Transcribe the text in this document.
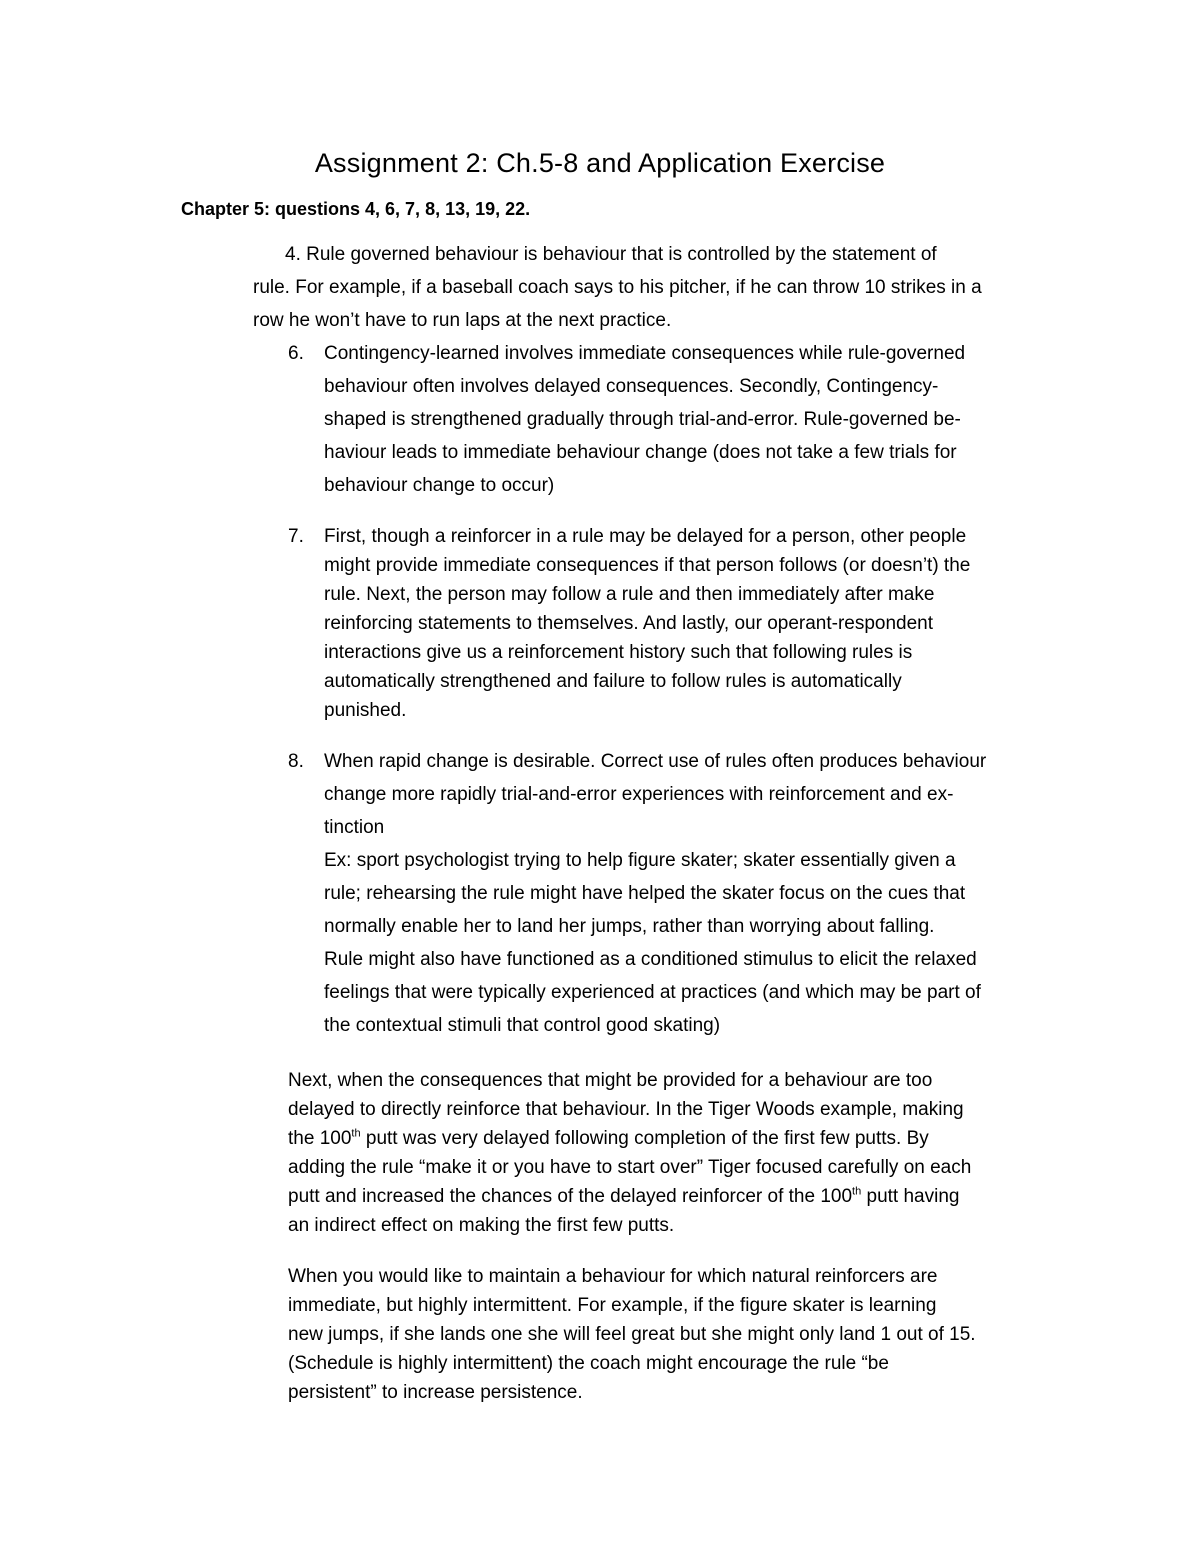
Assignment 2: Ch.5-8 and Application Exercise
Chapter 5: questions 4, 6, 7, 8, 13, 19, 22.
4. Rule governed behaviour is behaviour that is controlled by the statement of
rule. For example, if a baseball coach says to his pitcher, if he can throw 10 strikes in a
row he won’t have to run laps at the next practice.
6. Contingency-learned involves immediate consequences while rule-governed
behaviour often involves delayed consequences. Secondly, Contingency-
shaped is strengthened gradually through trial-and-error. Rule-governed be-
haviour leads to immediate behaviour change (does not take a few trials for
behaviour change to occur)
7. First, though a reinforcer in a rule may be delayed for a person, other people
might provide immediate consequences if that person follows (or doesn’t) the
rule. Next, the person may follow a rule and then immediately after make
reinforcing statements to themselves. And lastly, our operant-respondent
interactions give us a reinforcement history such that following rules is
automatically strengthened and failure to follow rules is automatically
punished.
8. When rapid change is desirable. Correct use of rules often produces behaviour
change more rapidly trial-and-error experiences with reinforcement and ex-
tinction
Ex: sport psychologist trying to help figure skater; skater essentially given a
rule; rehearsing the rule might have helped the skater focus on the cues that
normally enable her to land her jumps, rather than worrying about falling.
Rule might also have functioned as a conditioned stimulus to elicit the relaxed
feelings that were typically experienced at practices (and which may be part of
the contextual stimuli that control good skating)
Next, when the consequences that might be provided for a behaviour are too
delayed to directly reinforce that behaviour. In the Tiger Woods example, making
the 100th putt was very delayed following completion of the first few putts. By
adding the rule “make it or you have to start over” Tiger focused carefully on each
putt and increased the chances of the delayed reinforcer of the 100th putt having
an indirect effect on making the first few putts.
When you would like to maintain a behaviour for which natural reinforcers are
immediate, but highly intermittent. For example, if the figure skater is learning
new jumps, if she lands one she will feel great but she might only land 1 out of 15.
(Schedule is highly intermittent) the coach might encourage the rule “be
persistent” to increase persistence.
